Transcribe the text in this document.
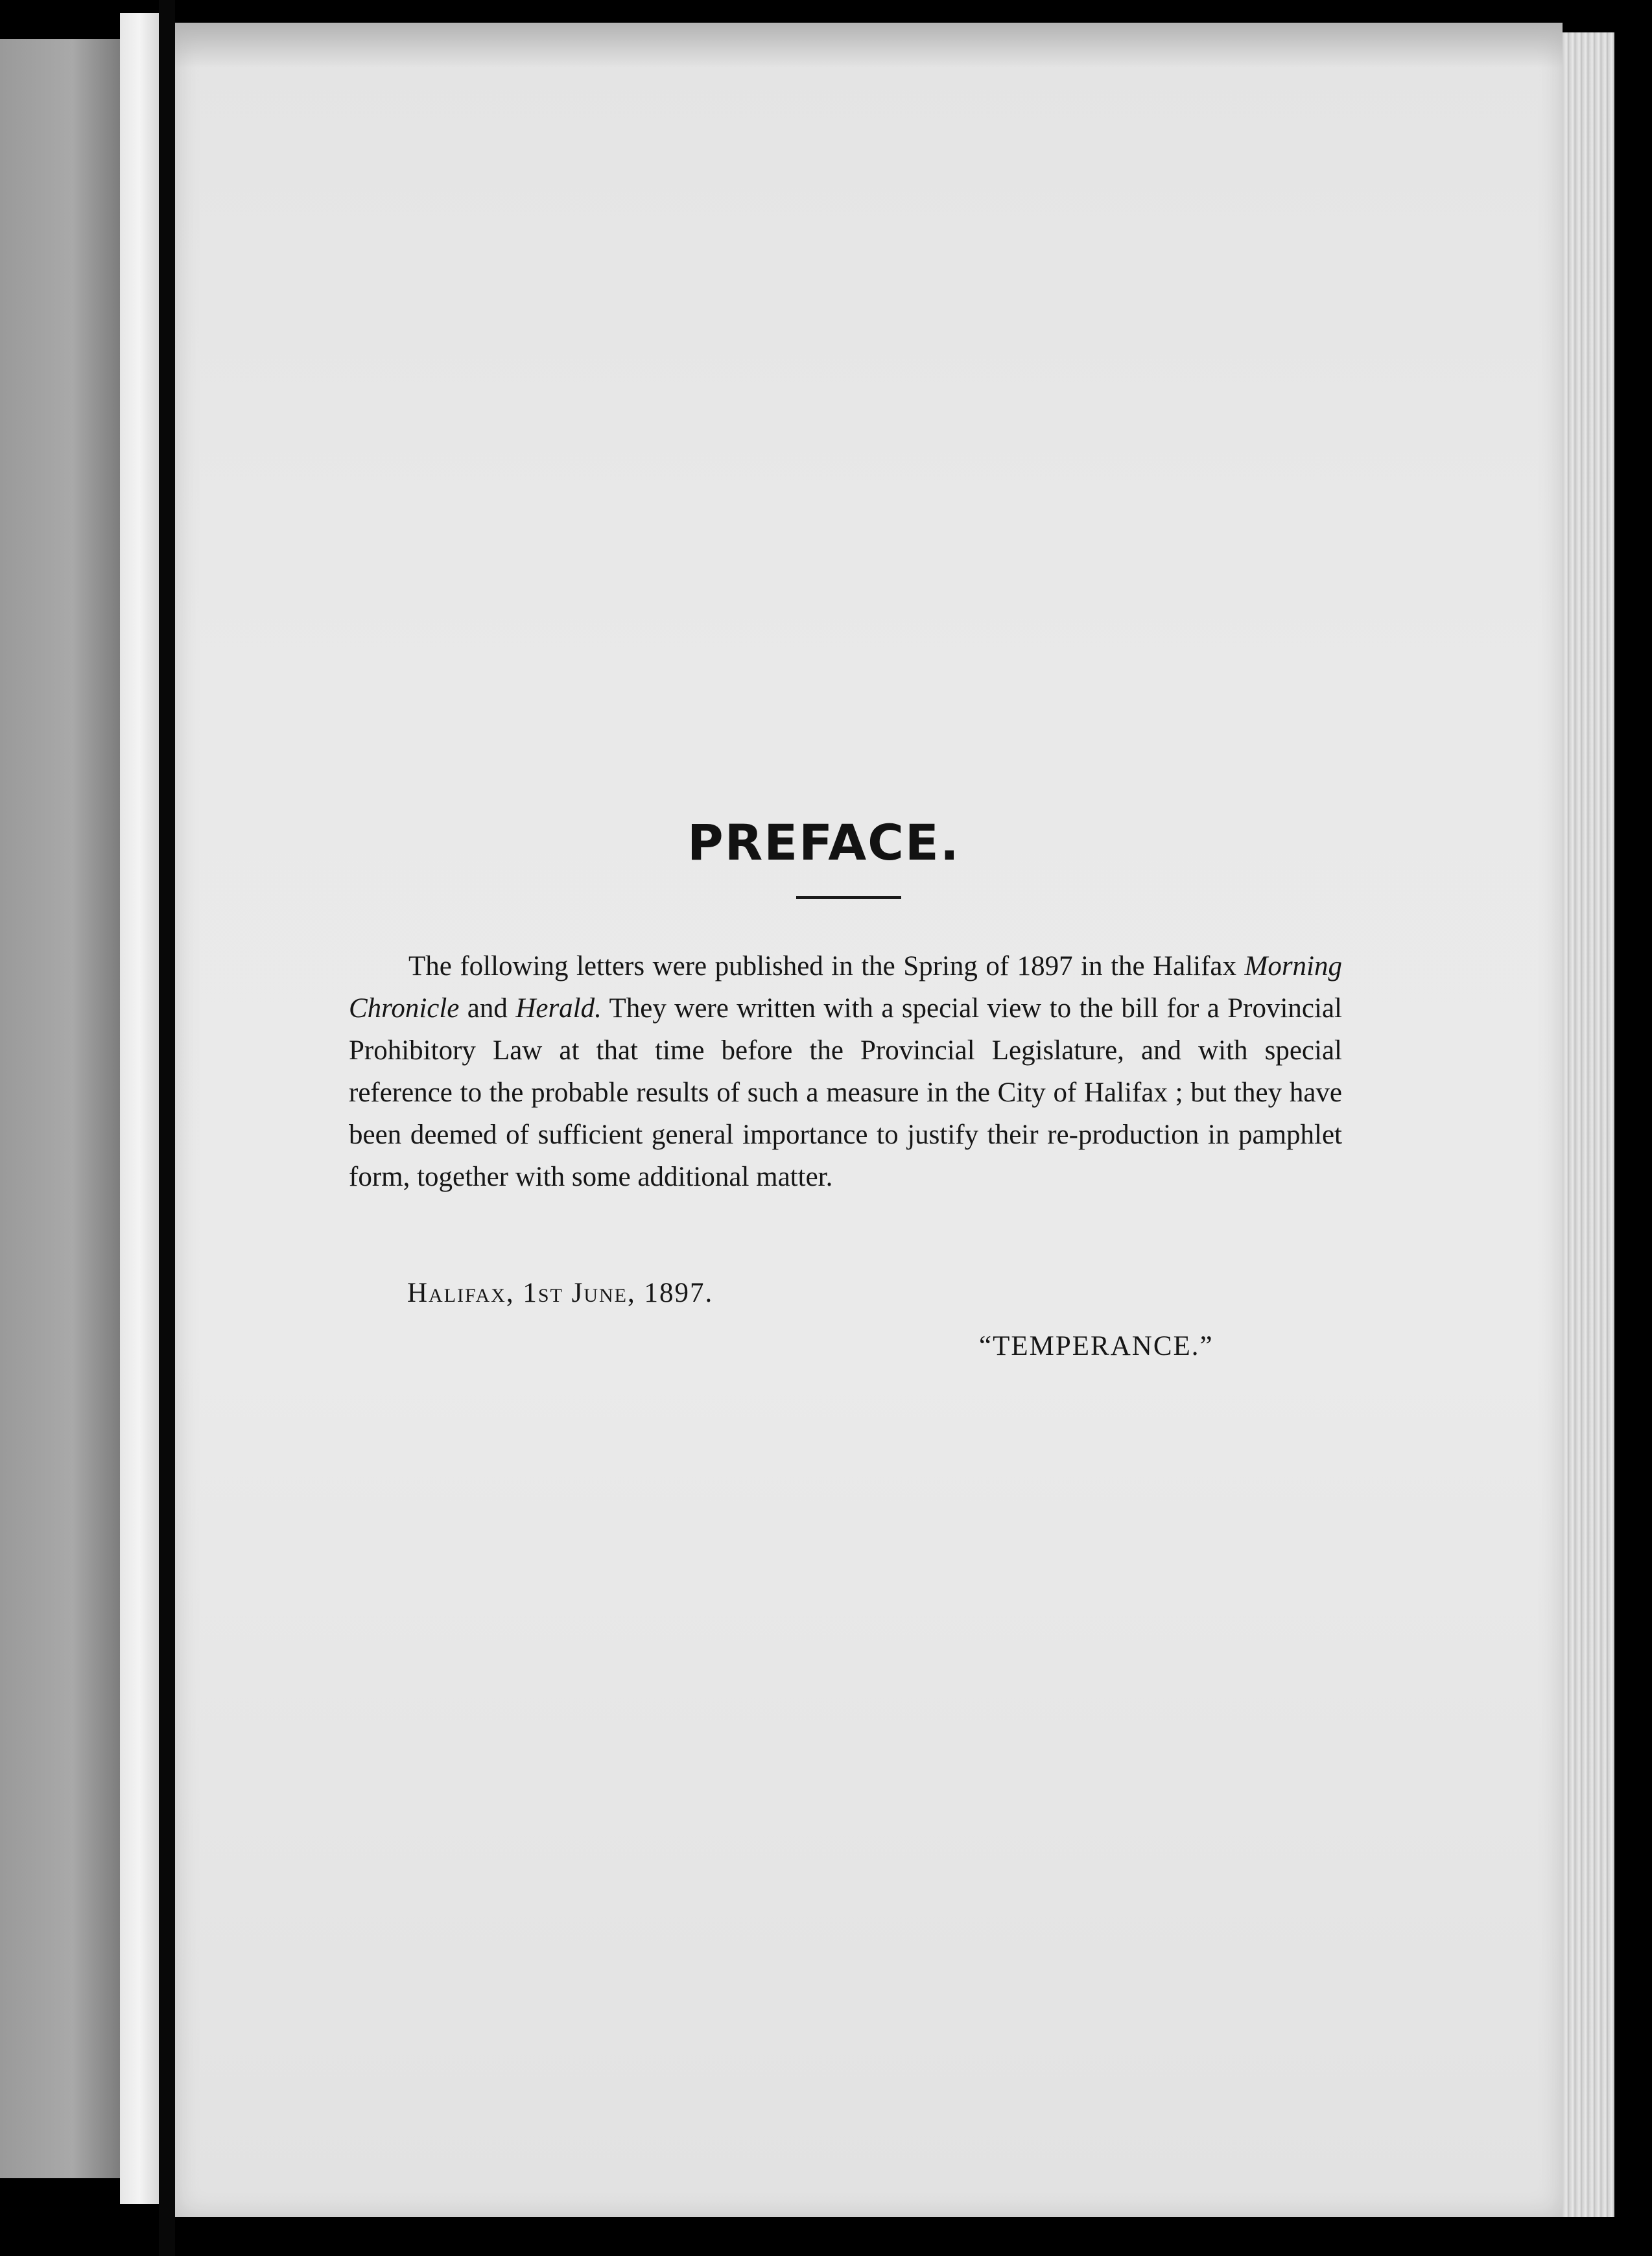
PREFACE.

The following letters were published in the Spring of 1897 in the Halifax Morning Chronicle and Herald. They were written with a special view to the bill for a Provincial Prohibitory Law at that time before the Provincial Legislature, and with special reference to the probable results of such a measure in the City of Halifax ; but they have been deemed of sufficient general importance to justify their re-production in pamphlet form, together with some additional matter.

Halifax, 1st June, 1897.
“TEMPERANCE.”
